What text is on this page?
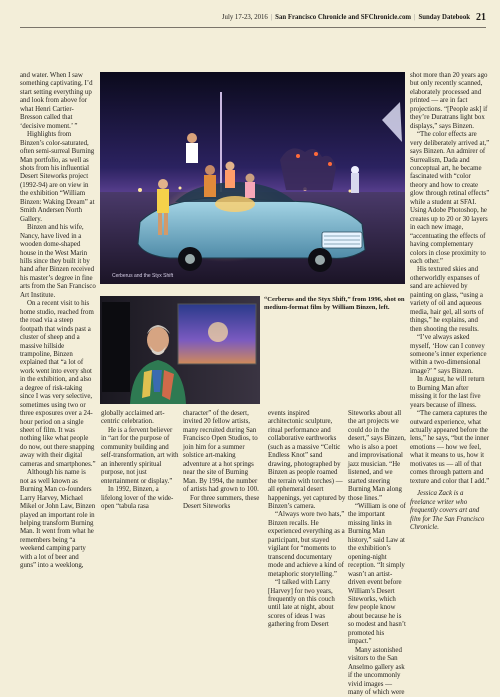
July 17-23, 2016 | San Francisco Chronicle and SFChronicle.com | Sunday Datebook 21

and water. When I saw something captivating, I’d start setting everything up and look from above for what Henri Cartier-Bresson called that ‘decisive moment.’ ”

Highlights from Binzen’s color-saturated, often semi-surreal Burning Man portfolio, as well as shots from his influential Desert Siteworks project (1992-94) are on view in the exhibition “William Binzen: Waking Dream” at Smith Andersen North Gallery.

Binzen and his wife, Nancy, have lived in a wooden dome-shaped house in the West Marin hills since they built it by hand after Binzen received his master’s degree in fine arts from the San Francisco Art Institute.

On a recent visit to his home studio, reached from the road via a steep footpath that winds past a cluster of sheep and a massive hillside trampoline, Binzen explained that “a lot of work went into every shot in the exhibition, and also a degree of risk-taking since I was very selective, sometimes using two or three exposures over a 24-hour period on a single sheet of film. It was nothing like what people do now, out there snapping away with their digital cameras and smartphones.”

Although his name is not as well known as Burning Man co-founders Larry Harvey, Michael Mikel or John Law, Binzen played an important role in helping transform Burning Man. It went from what he remembers being “a weekend camping party with a lot of beer and guns” into a weeklong,

Cerberus and the Styx Shift
“Cerberus and the Styx Shift,” from 1996, shot on medium-format film by William Binzen, left.

globally acclaimed art-centric celebration.

He is a fervent believer in “art for the purpose of community building and self-transformation, art with an inherently spiritual purpose, not just entertainment or display.”

In 1992, Binzen, a lifelong lover of the wide-open “tabula rasa

character” of the desert, invited 20 fellow artists, many recruited during San Francisco Open Studios, to join him for a summer solstice art-making adventure at a hot springs near the site of Burning Man. By 1994, the number of artists had grown to 100.

For three summers, these Desert Siteworks

events inspired architectonic sculpture, ritual performance and collaborative earthworks (such as a massive “Celtic Endless Knot” sand drawing, photographed by Binzen as people roamed the terrain with torches) — all ephemeral desert happenings, yet captured by Binzen’s camera.

“Always wore two hats,” Binzen recalls. He experienced everything as a participant, but stayed vigilant for “moments to transcend documentary mode and achieve a kind of metaphoric storytelling.”

“I talked with Larry [Harvey] for two years, frequently on this couch until late at night, about scores of ideas I was gathering from Desert

Siteworks about all the art projects we could do in the desert,” says Binzen, who is also a poet and improvisational jazz musician. “He listened, and we started steering Burning Man along those lines.”

“William is one of the important missing links in Burning Man history,” said Law at the exhibition’s opening-night reception. “It simply wasn’t an artist-driven event before William’s Desert Siteworks, which few people know about because he is so modest and hasn’t promoted his impact.”

Many astonished visitors to the San Anselmo gallery ask if the uncommonly vivid images — many of which were

shot more than 20 years ago but only recently scanned, elaborately processed and printed — are in fact projections. “[People ask] if they’re Duratrans light box displays,” says Binzen.

“The color effects are very deliberately arrived at,” says Binzen. An admirer of Surrealism, Dada and conceptual art, he became fascinated with “color theory and how to create glow through retinal effects” while a student at SFAI. Using Adobe Photoshop, he creates up to 20 or 30 layers in each new image, “accentuating the effects of having complementary colors in close proximity to each other.”

His textured skies and otherworldly expanses of sand are achieved by painting on glass, “using a variety of oil and aqueous media, hair gel, all sorts of things,” he explains, and then shooting the results.

“I’ve always asked myself, ‘How can I convey someone’s inner experience within a two-dimensional image?’ ” says Binzen.

In August, he will return to Burning Man after missing it for the last five years because of illness.

“The camera captures the outward experience, what actually appeared before the lens,” he says, “but the inner emotions — how we feel, what it means to us, how it motivates us — all of that comes through pattern and texture and color that I add.”

Jessica Zack is a freelance writer who frequently covers art and film for The San Francisco Chronicle.
